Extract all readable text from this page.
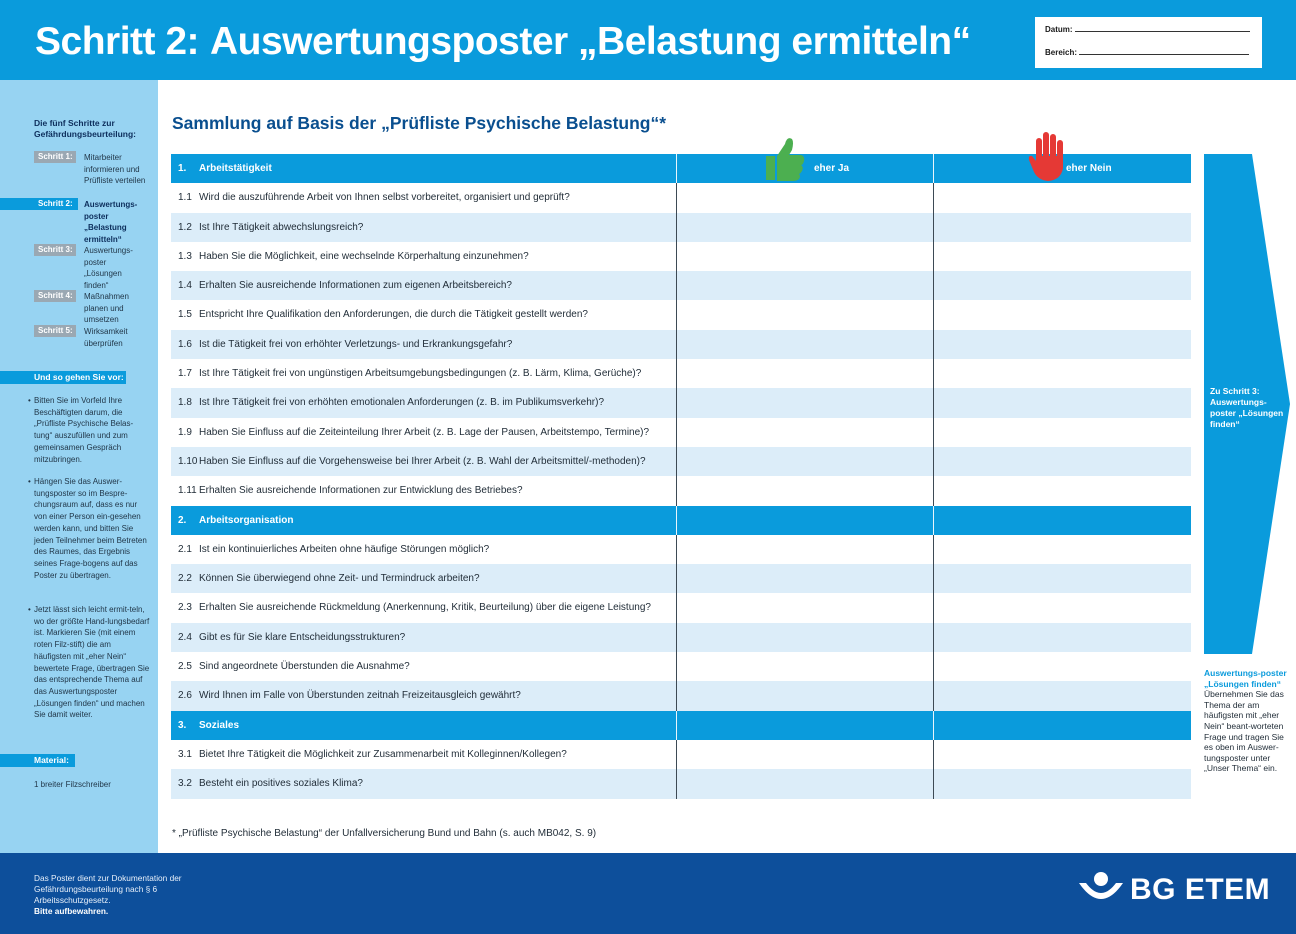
Schritt 2: Auswertungsposter „Belastung ermitteln“	Datum:
Bereich:
Die fünf Schritte zur Gefährdungsbeurteilung:
Schritt 1:	Mitarbeiter informieren und Prüfliste verteilen
Schritt 2:	Auswertungs-poster „Belastung ermitteln“
Schritt 3:	Auswertungs-poster „Lösungen finden“
Schritt 4:	Maßnahmen planen und umsetzen
Schritt 5:	Wirksamkeit überprüfen
Und so gehen Sie vor:
• Bitten Sie im Vorfeld Ihre Beschäftigten darum, die „Prüfliste Psychische Belas-tung“ auszufüllen und zum gemeinsamen Gespräch mitzubringen.
• Hängen Sie das Auswer-tungsposter so im Bespre-chungsraum auf, dass es nur von einer Person ein-gesehen werden kann, und bitten Sie jeden Teilnehmer beim Betreten des Raumes, das Ergebnis seines Frage-bogens auf das Poster zu übertragen.
• Jetzt lässt sich leicht ermit-teln, wo der größte Hand-lungsbedarf ist. Markieren Sie (mit einem roten Filz-stift) die am häufigsten mit „eher Nein“ bewertete Frage, übertragen Sie das entsprechende Thema auf das Auswertungsposter „Lösungen finden“ und machen Sie damit weiter.
Material:
1 breiter Filzschreiber
Sammlung auf Basis der „Prüfliste Psychische Belastung“*
1. Arbeitstätigkeit	eher Ja	eher Nein
1.1 Wird die auszuführende Arbeit von Ihnen selbst vorbereitet, organisiert und geprüft?
1.2 Ist Ihre Tätigkeit abwechslungsreich?
1.3 Haben Sie die Möglichkeit, eine wechselnde Körperhaltung einzunehmen?
1.4 Erhalten Sie ausreichende Informationen zum eigenen Arbeitsbereich?
1.5 Entspricht Ihre Qualifikation den Anforderungen, die durch die Tätigkeit gestellt werden?
1.6 Ist die Tätigkeit frei von erhöhter Verletzungs- und Erkrankungsgefahr?
1.7 Ist Ihre Tätigkeit frei von ungünstigen Arbeitsumgebungsbedingungen (z. B. Lärm, Klima, Gerüche)?
1.8 Ist Ihre Tätigkeit frei von erhöhten emotionalen Anforderungen (z. B. im Publikumsverkehr)?
1.9 Haben Sie Einfluss auf die Zeiteinteilung Ihrer Arbeit (z. B. Lage der Pausen, Arbeitstempo, Termine)?
1.10 Haben Sie Einfluss auf die Vorgehensweise bei Ihrer Arbeit (z. B. Wahl der Arbeitsmittel/-methoden)?
1.11 Erhalten Sie ausreichende Informationen zur Entwicklung des Betriebes?
2. Arbeitsorganisation
2.1 Ist ein kontinuierliches Arbeiten ohne häufige Störungen möglich?
2.2 Können Sie überwiegend ohne Zeit- und Termindruck arbeiten?
2.3 Erhalten Sie ausreichende Rückmeldung (Anerkennung, Kritik, Beurteilung) über die eigene Leistung?
2.4 Gibt es für Sie klare Entscheidungsstrukturen?
2.5 Sind angeordnete Überstunden die Ausnahme?
2.6 Wird Ihnen im Falle von Überstunden zeitnah Freizeitausgleich gewährt?
3. Soziales
3.1 Bietet Ihre Tätigkeit die Möglichkeit zur Zusammenarbeit mit Kolleginnen/Kollegen?
3.2 Besteht ein positives soziales Klima?
* „Prüfliste Psychische Belastung“ der Unfallversicherung Bund und Bahn (s. auch MB042, S. 9)
Zu Schritt 3: Auswertungs-poster „Lösungen finden“
Auswertungs-poster „Lösungen finden“
Übernehmen Sie das Thema der am häufigsten mit „eher Nein“ beant-worteten Frage und tragen Sie es oben im Auswer-tungsposter unter „Unser Thema“ ein.
Das Poster dient zur Dokumentation der Gefährdungsbeurteilung nach § 6 Arbeitsschutzgesetz.
Bitte aufbewahren.
BG ETEM
